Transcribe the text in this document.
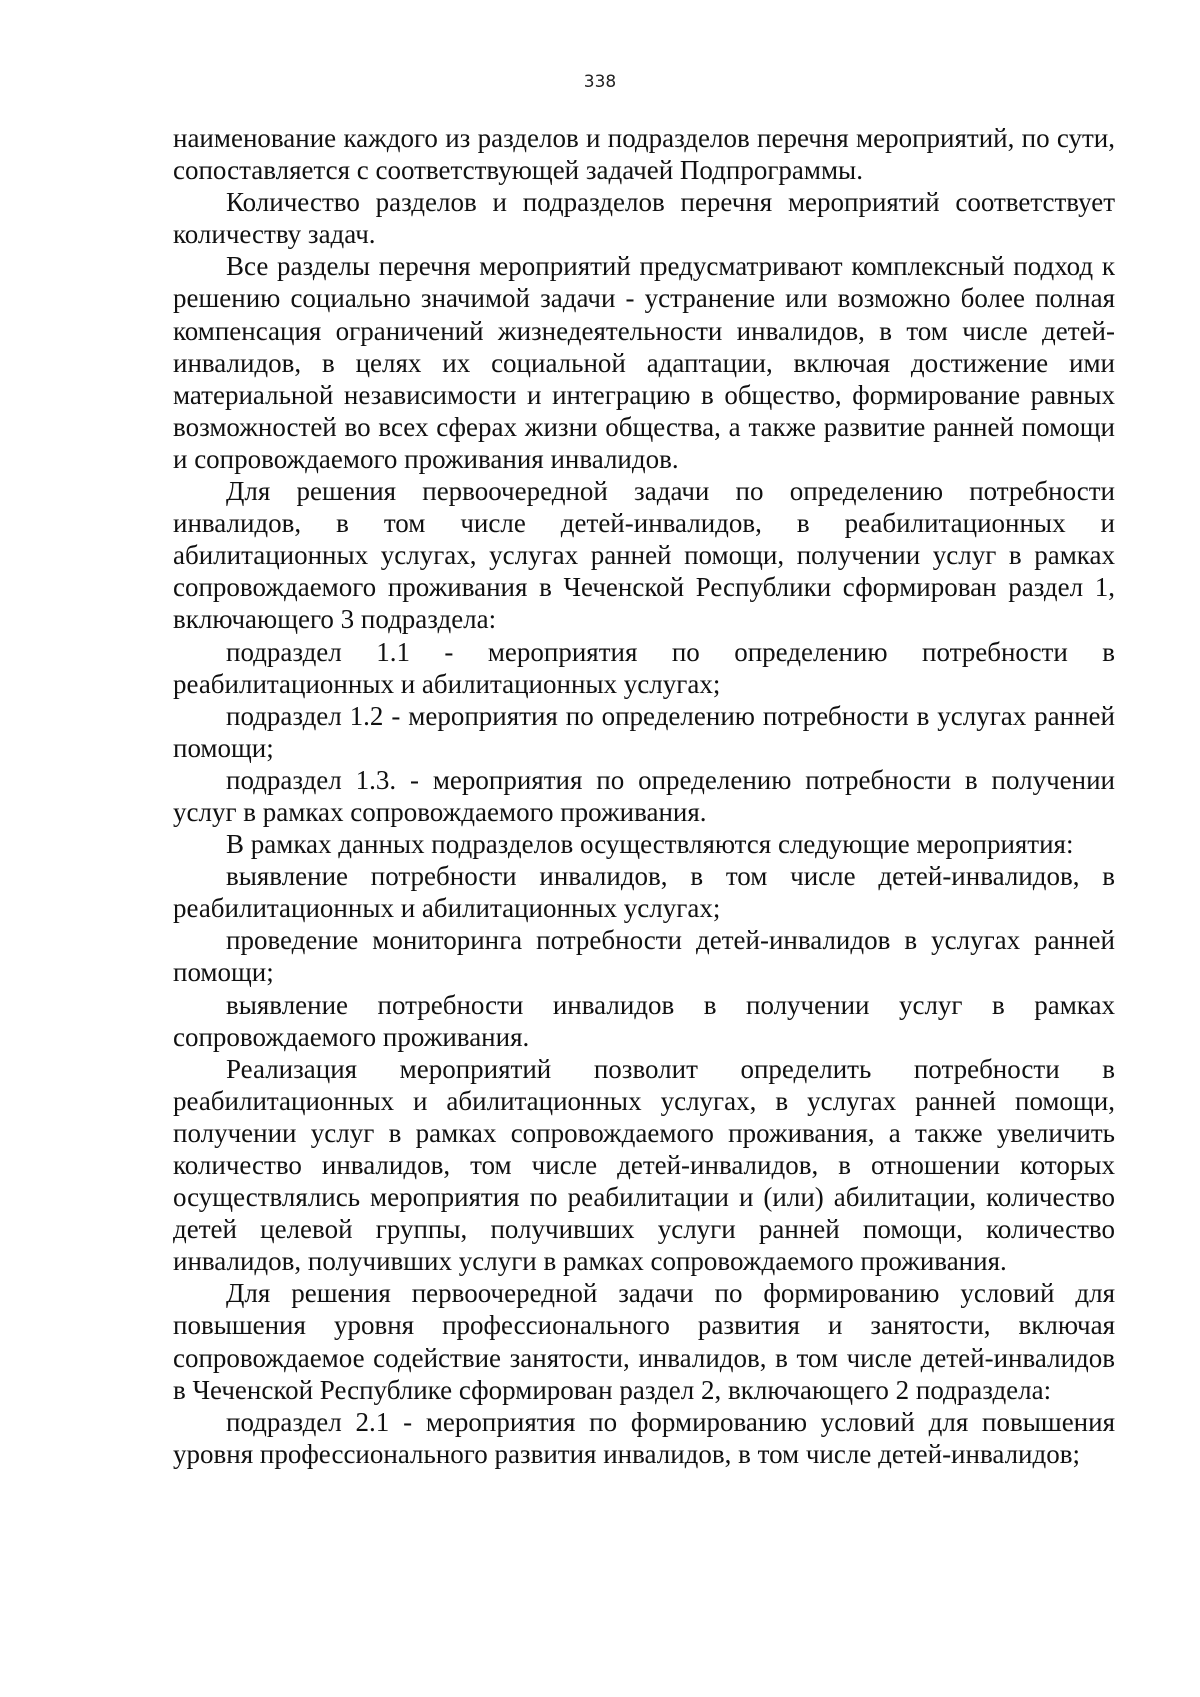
338

наименование каждого из разделов и подразделов перечня мероприятий, по сути, сопоставляется с соответствующей задачей Подпрограммы.

Количество разделов и подразделов перечня мероприятий соответствует количеству задач.

Все разделы перечня мероприятий предусматривают комплексный подход к решению социально значимой задачи - устранение или возможно более полная компенсация ограничений жизнедеятельности инвалидов, в том числе детей-инвалидов, в целях их социальной адаптации, включая достижение ими материальной независимости и интеграцию в общество, формирование равных возможностей во всех сферах жизни общества, а также развитие ранней помощи и сопровождаемого проживания инвалидов.

Для решения первоочередной задачи по определению потребности инвалидов, в том числе детей-инвалидов, в реабилитационных и абилитационных услугах, услугах ранней помощи, получении услуг в рамках сопровождаемого проживания в Чеченской Республики сформирован раздел 1, включающего 3 подраздела:

подраздел 1.1 - мероприятия по определению потребности в реабилитационных и абилитационных услугах;

подраздел 1.2 - мероприятия по определению потребности в услугах ранней помощи;

подраздел 1.3. - мероприятия по определению потребности в получении услуг в рамках сопровождаемого проживания.

В рамках данных подразделов осуществляются следующие мероприятия:

выявление потребности инвалидов, в том числе детей-инвалидов, в реабилитационных и абилитационных услугах;

проведение мониторинга потребности детей-инвалидов в услугах ранней помощи;

выявление потребности инвалидов в получении услуг в рамках сопровождаемого проживания.

Реализация мероприятий позволит определить потребности в реабилитационных и абилитационных услугах, в услугах ранней помощи, получении услуг в рамках сопровождаемого проживания, а также увеличить количество инвалидов, том числе детей-инвалидов, в отношении которых осуществлялись мероприятия по реабилитации и (или) абилитации, количество детей целевой группы, получивших услуги ранней помощи, количество инвалидов, получивших услуги в рамках сопровождаемого проживания.

Для решения первоочередной задачи по формированию условий для повышения уровня профессионального развития и занятости, включая сопровождаемое содействие занятости, инвалидов, в том числе детей-инвалидов в Чеченской Республике сформирован раздел 2, включающего 2 подраздела:

подраздел 2.1 - мероприятия по формированию условий для повышения уровня профессионального развития инвалидов, в том числе детей-инвалидов;
